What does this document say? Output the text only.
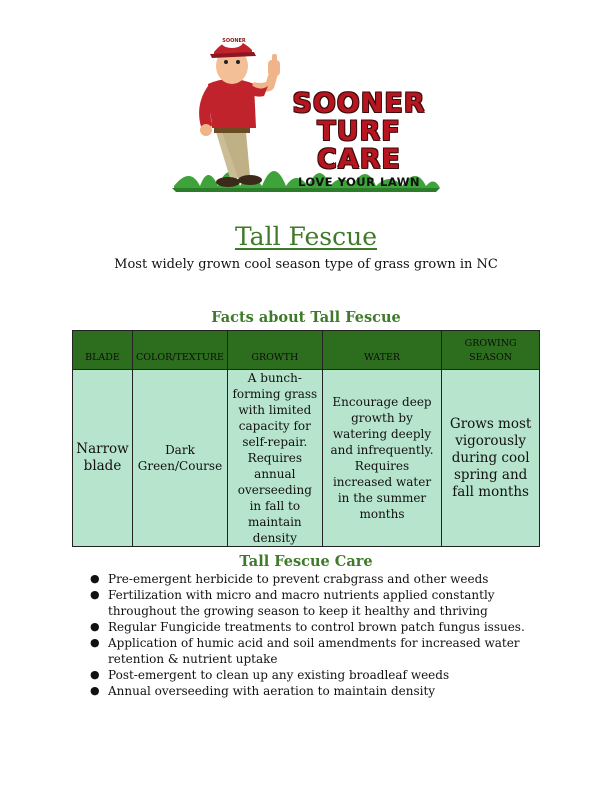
SOONER
SOONER
TURF CARE
LOVE YOUR LAWN
Tall Fescue
Most widely grown cool season type of grass grown in NC
Facts about Tall Fescue
BLADE	COLOR/TEXTURE	GROWTH	WATER	GROWING SEASON
Narrow blade	Dark Green/Course	A bunch-forming grass with limited capacity for self-repair. Requires annual overseeding in fall to maintain density	Encourage deep growth by watering deeply and infrequently. Requires increased water in the summer months	Grows most vigorously during cool spring and fall months
Tall Fescue Care
● Pre-emergent herbicide to prevent crabgrass and other weeds
● Fertilization with micro and macro nutrients applied constantly throughout the growing season to keep it healthy and thriving
● Regular Fungicide treatments to control brown patch fungus issues.
● Application of humic acid and soil amendments for increased water retention & nutrient uptake
● Post-emergent to clean up any existing broadleaf weeds
● Annual overseeding with aeration to maintain density
